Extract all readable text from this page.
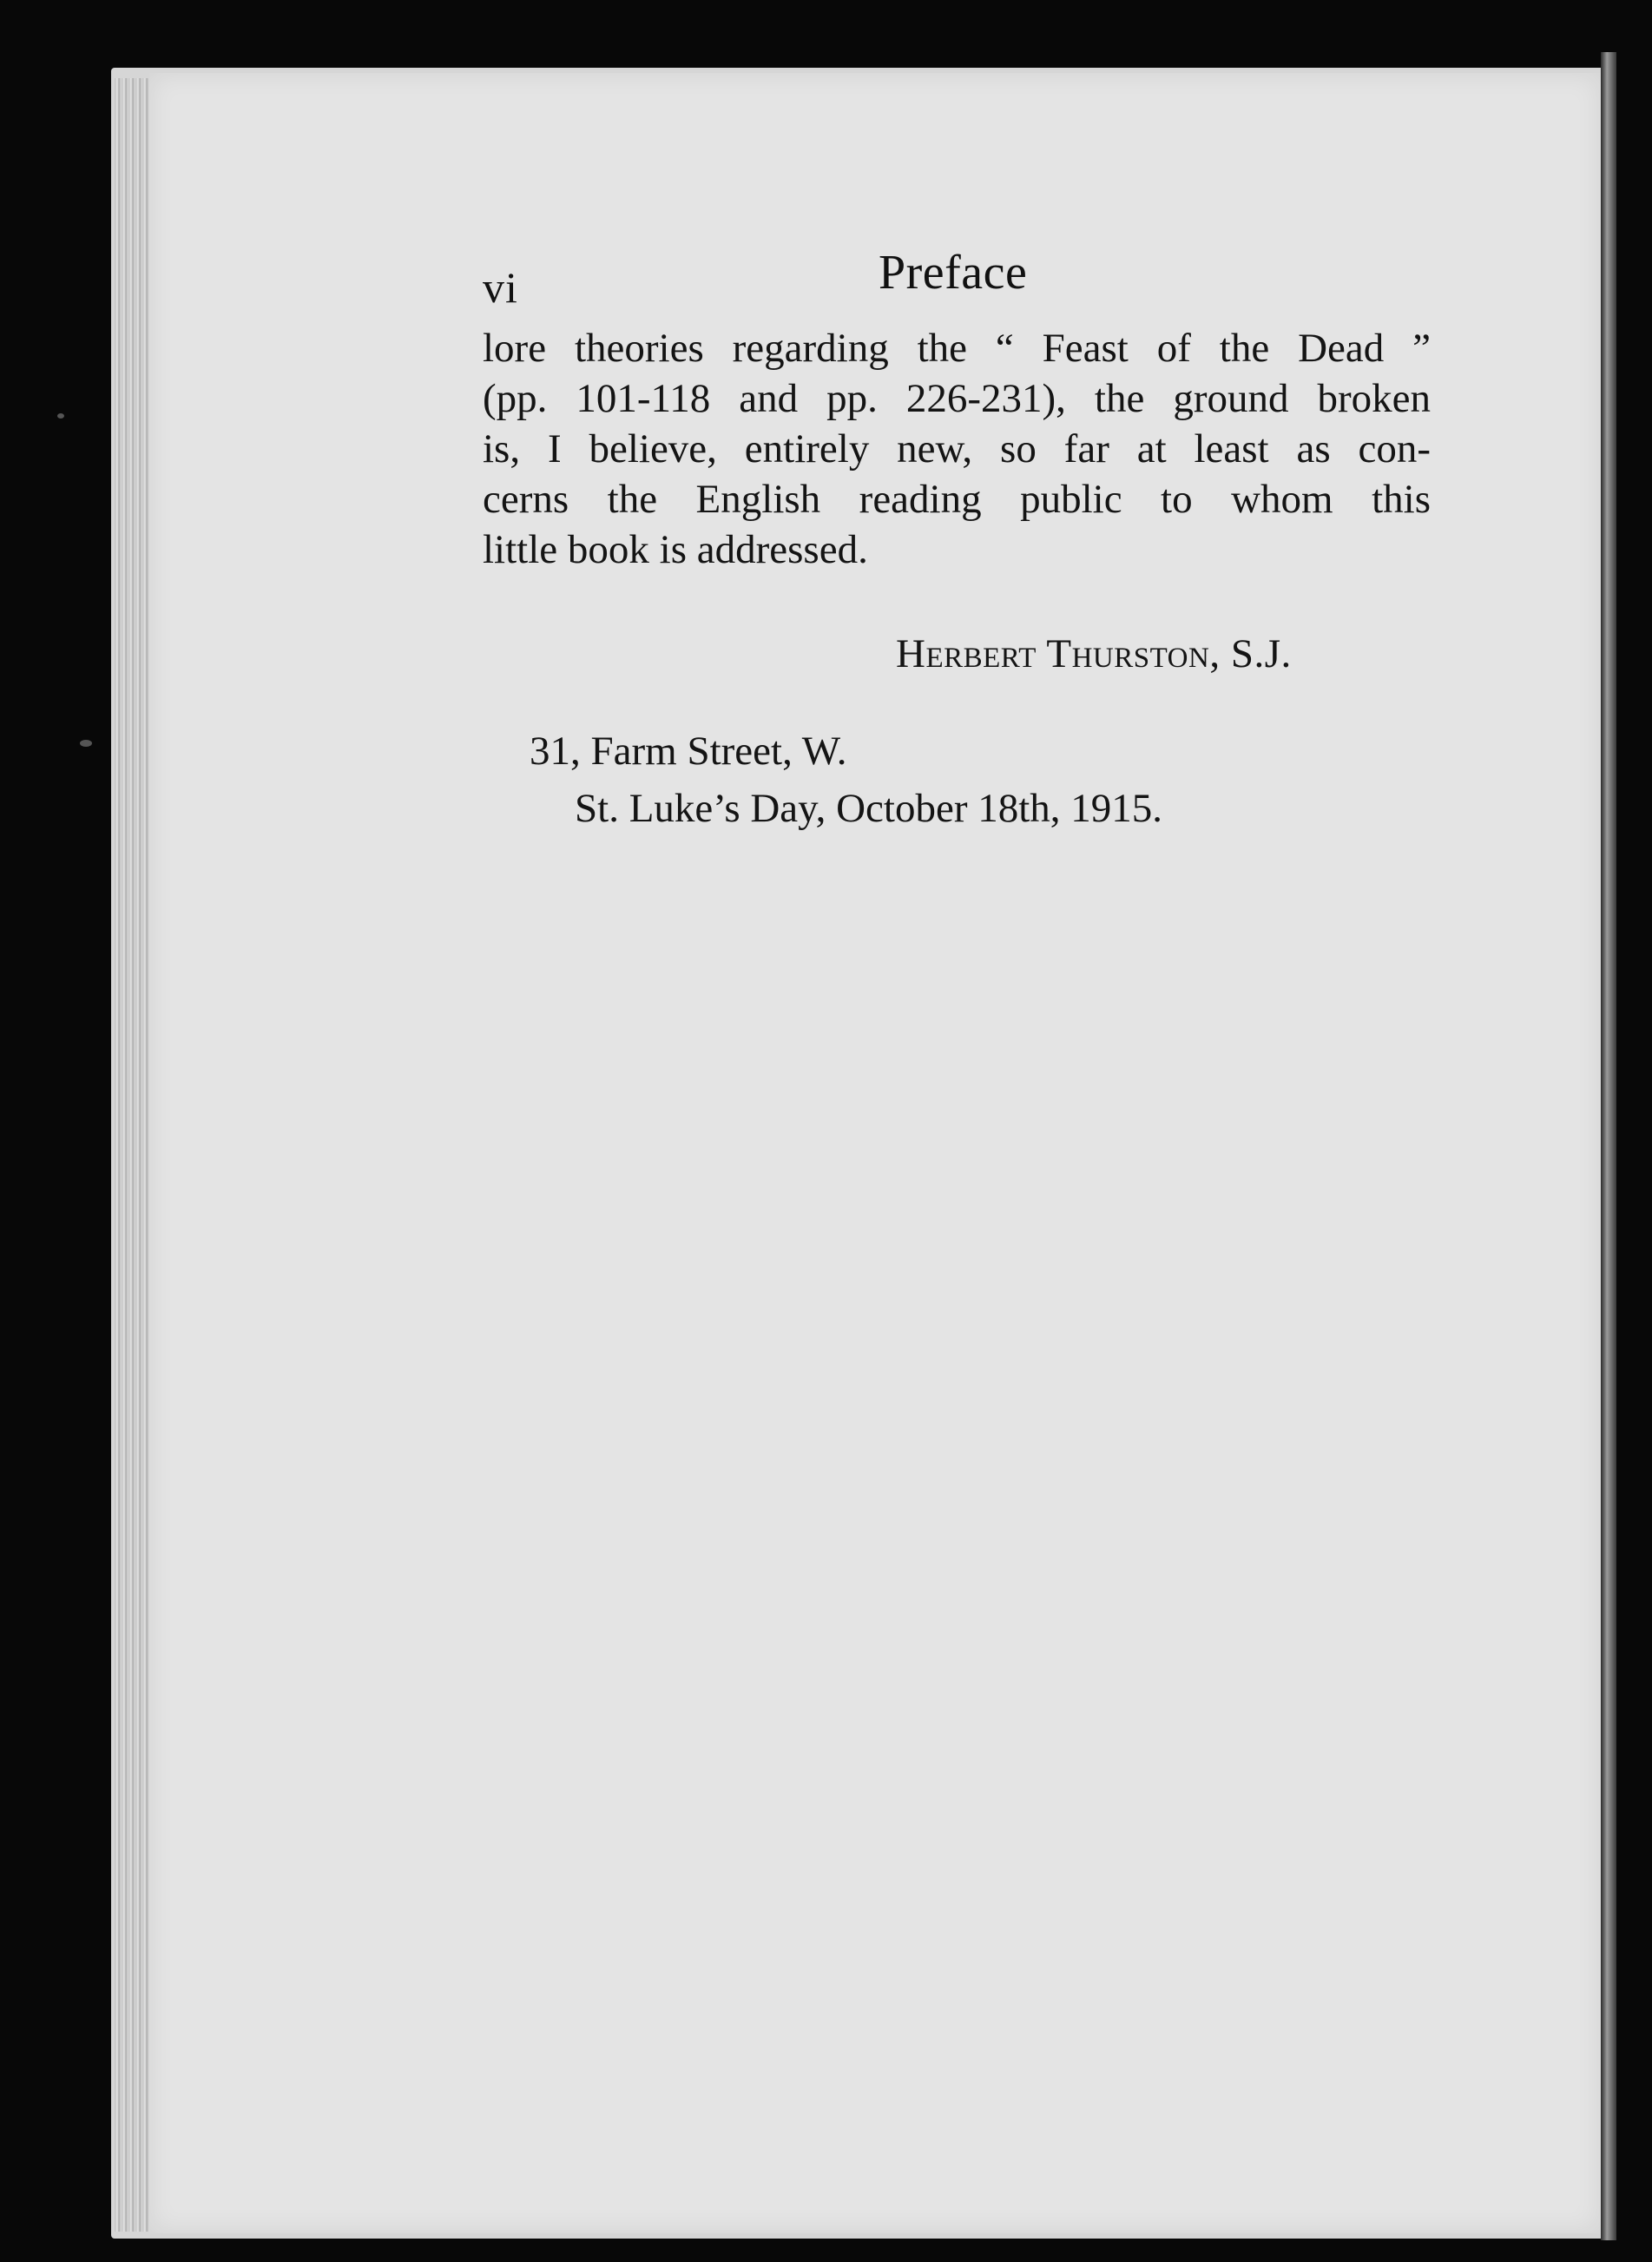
vi	Preface
lore theories regarding the “ Feast of the Dead ”
(pp. 101-118 and pp. 226-231), the ground broken
is, I believe, entirely new, so far at least as con-
cerns the English reading public to whom this
little book is addressed.
Herbert Thurston, S.J.
31, Farm Street, W.
St. Luke’s Day, October 18th, 1915.
